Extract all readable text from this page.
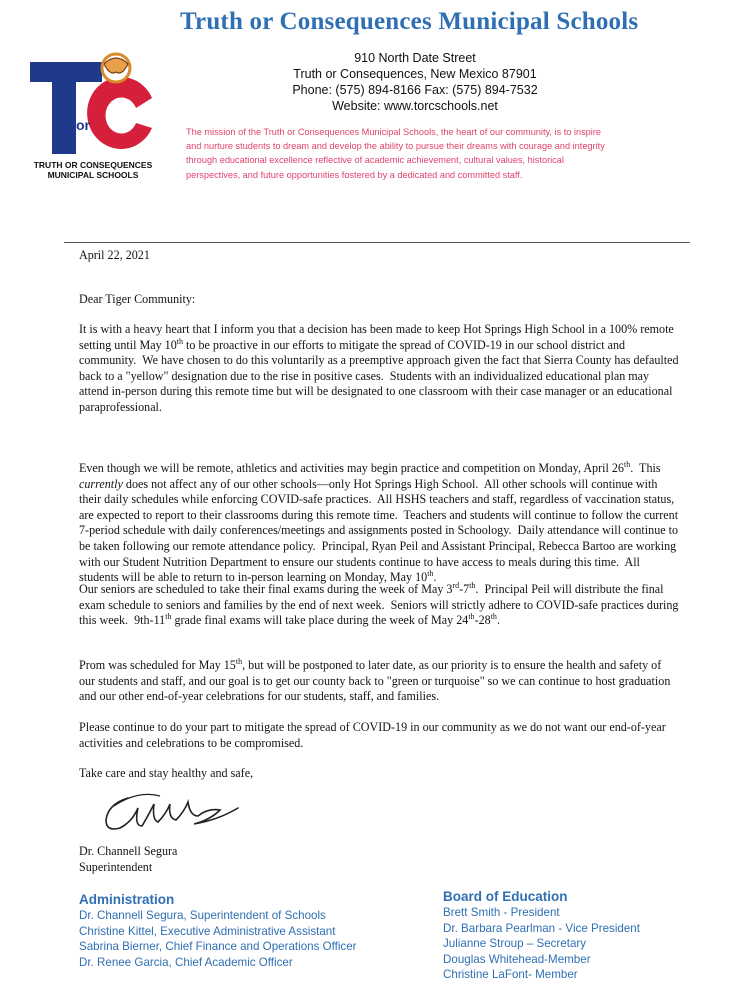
Truth or Consequences Municipal Schools
910 North Date Street
Truth or Consequences, New Mexico 87901
Phone: (575) 894-8166 Fax: (575) 894-7532
Website: www.torcschools.net
or
TRUTH OR CONSEQUENCES
MUNICIPAL SCHOOLS
The mission of the Truth or Consequences Municipal Schools, the heart of our community, is to inspire and nurture students to dream and develop the ability to pursue their dreams with courage and integrity through educational excellence reflective of academic achievement, cultural values, historical perspectives, and future opportunities fostered by a dedicated and committed staff.
April 22, 2021
Dear Tiger Community:

It is with a heavy heart that I inform you that a decision has been made to keep Hot Springs High School in a 100% remote setting until May 10th to be proactive in our efforts to mitigate the spread of COVID-19 in our school district and community.  We have chosen to do this voluntarily as a preemptive approach given the fact that Sierra County has defaulted back to a "yellow" designation due to the rise in positive cases.  Students with an individualized educational plan may attend in-person during this remote time but will be designated to one classroom with their case manager or an educational paraprofessional.

Even though we will be remote, athletics and activities may begin practice and competition on Monday, April 26th.  This currently does not affect any of our other schools—only Hot Springs High School.  All other schools will continue with their daily schedules while enforcing COVID-safe practices.  All HSHS teachers and staff, regardless of vaccination status, are expected to report to their classrooms during this remote time.  Teachers and students will continue to follow the current 7-period schedule with daily conferences/meetings and assignments posted in Schoology.  Daily attendance will continue to be taken following our remote attendance policy.  Principal, Ryan Peil and Assistant Principal, Rebecca Bartoo are working with our Student Nutrition Department to ensure our students continue to have access to meals during this time.  All students will be able to return to in-person learning on Monday, May 10th.

Our seniors are scheduled to take their final exams during the week of May 3rd-7th.  Principal Peil will distribute the final exam schedule to seniors and families by the end of next week.  Seniors will strictly adhere to COVID-safe practices during this week.  9th-11th grade final exams will take place during the week of May 24th-28th.

Prom was scheduled for May 15th, but will be postponed to later date, as our priority is to ensure the health and safety of our students and staff, and our goal is to get our county back to "green or turquoise" so we can continue to host graduation and our other end-of-year celebrations for our students, staff, and families.

Please continue to do your part to mitigate the spread of COVID-19 in our community as we do not want our end-of-year activities and celebrations to be compromised.
Take care and stay healthy and safe,
Dr. Channell Segura
Superintendent
Administration
Dr. Channell Segura, Superintendent of Schools
Christine Kittel, Executive Administrative Assistant
Sabrina Bierner, Chief Finance and Operations Officer
Dr. Renee Garcia, Chief Academic Officer
Board of Education
Brett Smith - President
Dr. Barbara Pearlman - Vice President
Julianne Stroup – Secretary
Douglas Whitehead-Member
Christine LaFont- Member
